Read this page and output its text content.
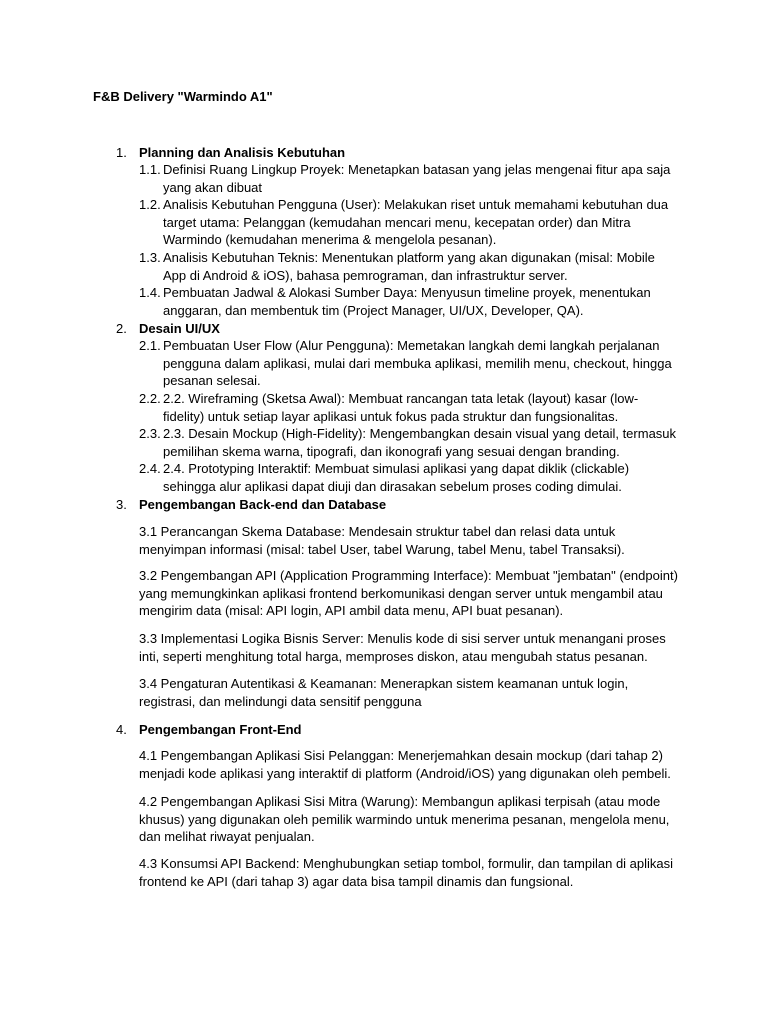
F&B Delivery "Warmindo A1"
1. Planning dan Analisis Kebutuhan
1.1. Definisi Ruang Lingkup Proyek: Menetapkan batasan yang jelas mengenai fitur apa saja yang akan dibuat
1.2. Analisis Kebutuhan Pengguna (User): Melakukan riset untuk memahami kebutuhan dua target utama: Pelanggan (kemudahan mencari menu, kecepatan order) dan Mitra Warmindo (kemudahan menerima & mengelola pesanan).
1.3. Analisis Kebutuhan Teknis: Menentukan platform yang akan digunakan (misal: Mobile App di Android & iOS), bahasa pemrograman, dan infrastruktur server.
1.4. Pembuatan Jadwal & Alokasi Sumber Daya: Menyusun timeline proyek, menentukan anggaran, dan membentuk tim (Project Manager, UI/UX, Developer, QA).
2. Desain UI/UX
2.1. Pembuatan User Flow (Alur Pengguna): Memetakan langkah demi langkah perjalanan pengguna dalam aplikasi, mulai dari membuka aplikasi, memilih menu, checkout, hingga pesanan selesai.
2.2. 2.2. Wireframing (Sketsa Awal): Membuat rancangan tata letak (layout) kasar (low-fidelity) untuk setiap layar aplikasi untuk fokus pada struktur dan fungsionalitas.
2.3. 2.3. Desain Mockup (High-Fidelity): Mengembangkan desain visual yang detail, termasuk pemilihan skema warna, tipografi, dan ikonografi yang sesuai dengan branding.
2.4. 2.4. Prototyping Interaktif: Membuat simulasi aplikasi yang dapat diklik (clickable) sehingga alur aplikasi dapat diuji dan dirasakan sebelum proses coding dimulai.
3. Pengembangan Back-end dan Database
3.1 Perancangan Skema Database: Mendesain struktur tabel dan relasi data untuk menyimpan informasi (misal: tabel User, tabel Warung, tabel Menu, tabel Transaksi).
3.2 Pengembangan API (Application Programming Interface): Membuat "jembatan" (endpoint) yang memungkinkan aplikasi frontend berkomunikasi dengan server untuk mengambil atau mengirim data (misal: API login, API ambil data menu, API buat pesanan).
3.3 Implementasi Logika Bisnis Server: Menulis kode di sisi server untuk menangani proses inti, seperti menghitung total harga, memproses diskon, atau mengubah status pesanan.
3.4 Pengaturan Autentikasi & Keamanan: Menerapkan sistem keamanan untuk login, registrasi, dan melindungi data sensitif pengguna
4. Pengembangan Front-End
4.1 Pengembangan Aplikasi Sisi Pelanggan: Menerjemahkan desain mockup (dari tahap 2) menjadi kode aplikasi yang interaktif di platform (Android/iOS) yang digunakan oleh pembeli.
4.2 Pengembangan Aplikasi Sisi Mitra (Warung): Membangun aplikasi terpisah (atau mode khusus) yang digunakan oleh pemilik warmindo untuk menerima pesanan, mengelola menu, dan melihat riwayat penjualan.
4.3 Konsumsi API Backend: Menghubungkan setiap tombol, formulir, dan tampilan di aplikasi frontend ke API (dari tahap 3) agar data bisa tampil dinamis dan fungsional.
